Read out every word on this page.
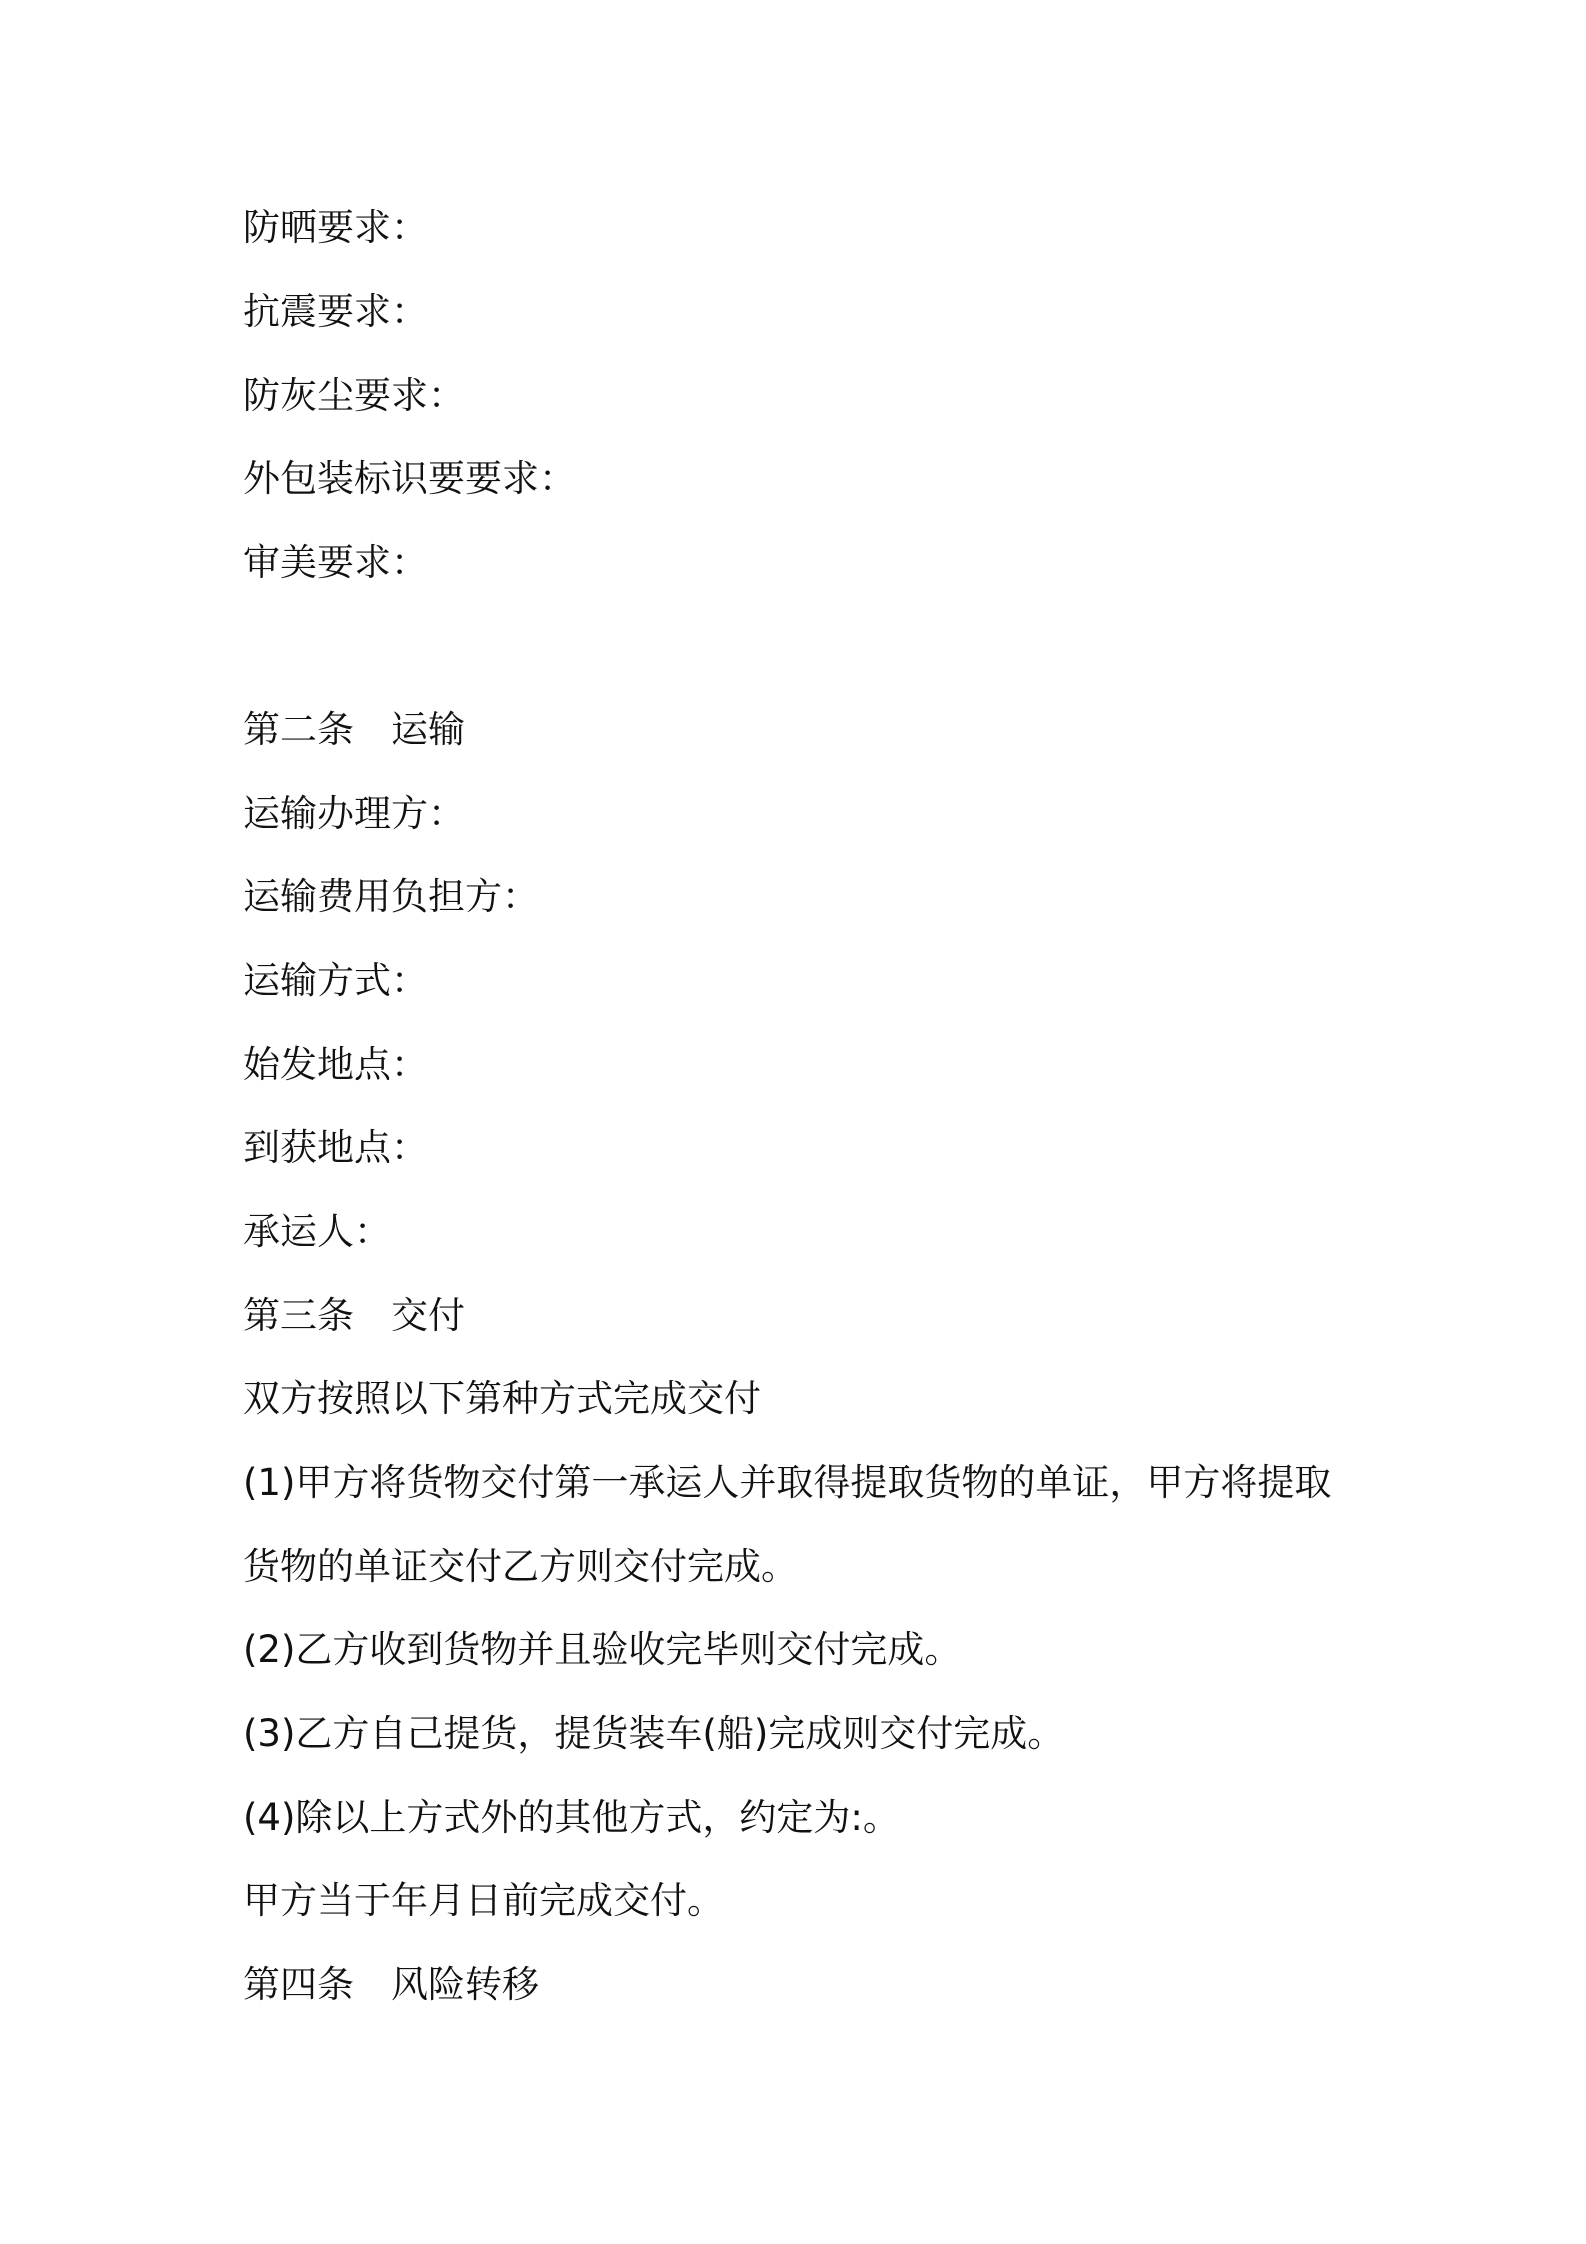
防晒要求：

抗震要求：

防灰尘要求：

外包装标识要要求：

审美要求：

第二条　运输

运输办理方：

运输费用负担方：

运输方式：

始发地点：

到获地点：

承运人：

第三条　交付

双方按照以下第种方式完成交付

(1)甲方将货物交付第一承运人并取得提取货物的单证，甲方将提取

货物的单证交付乙方则交付完成。

(2)乙方收到货物并且验收完毕则交付完成。

(3)乙方自己提货，提货装车(船)完成则交付完成。

(4)除以上方式外的其他方式，约定为:。

甲方当于年月日前完成交付。

第四条　风险转移
